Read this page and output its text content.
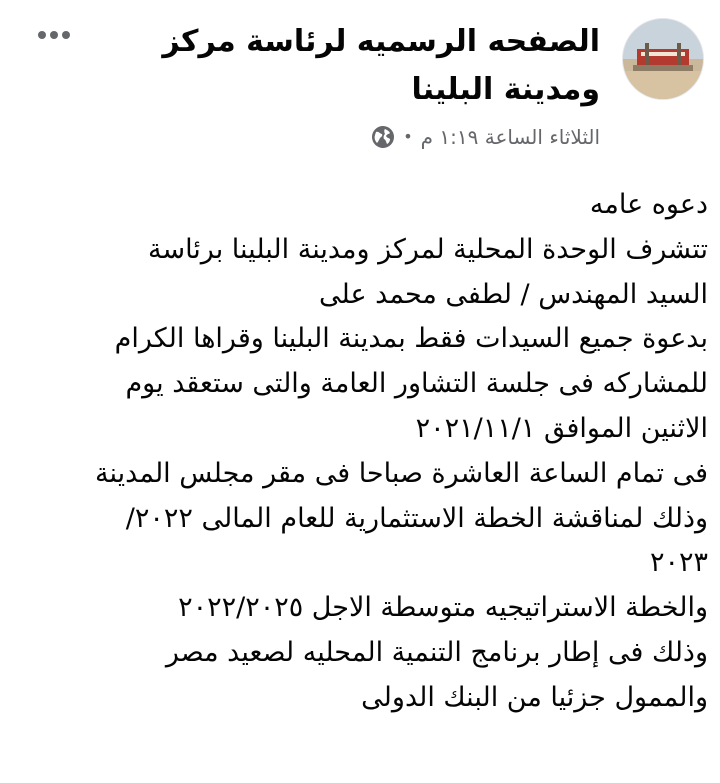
الصفحه الرسميه لرئاسة مركز ومدينة البلينا
الثلاثاء الساعة ١:١٩ م
•
دعوه عامه
تتشرف الوحدة المحلية لمركز ومدينة البلينا برئاسة
السيد المهندس / لطفى محمد على
بدعوة جميع السيدات فقط بمدينة البلينا وقراها الكرام
للمشاركه فى جلسة التشاور العامة والتى ستعقد يوم
الاثنين الموافق ٢٠٢١/١١/١
فى تمام الساعة العاشرة صباحا فى مقر مجلس المدينة
وذلك لمناقشة الخطة الاستثمارية للعام المالى ٢٠٢٢/
٢٠٢٣
والخطة الاستراتيجيه متوسطة الاجل ٢٠٢٢/٢٠٢٥
وذلك فى إطار برنامج التنمية المحليه لصعيد مصر
والممول جزئيا من البنك الدولى
